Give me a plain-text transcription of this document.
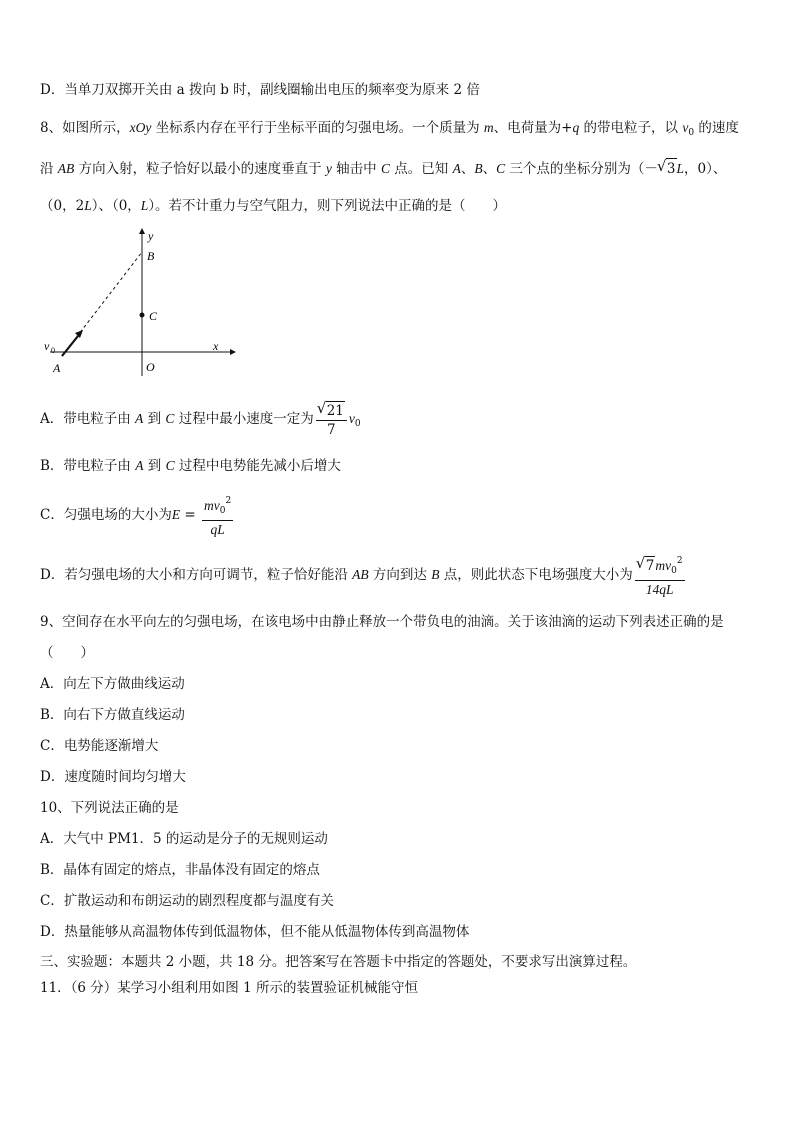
D．当单刀双掷开关由 a 拨向 b 时，副线圈输出电压的频率变为原来 2 倍
8、如图所示，xOy 坐标系内存在平行于坐标平面的匀强电场。一个质量为 m、电荷量为+q 的带电粒子，以 $v_0$ 的速度
沿 AB 方向入射，粒子恰好以最小的速度垂直于 y 轴击中 C 点。已知 A、B、C 三个点的坐标分别为（－ √ 3L，0）、
（0，2L）、（0，L）。若不计重力与空气阻力，则下列说法中正确的是（　　）
y
x
B
C
A	O
v 0
A．带电粒子由 A 到 C 过程中最小速度一定为 √ $\frac{21}{7} v_0$
B．带电粒子由 A 到 C 过程中电势能先减小后增大
C．匀强电场的大小为$E = \frac{mv_0^2}{qL}$
D．若匀强电场的大小和方向可调节，粒子恰好能沿 AB 方向到达 B 点，则此状态下电场强度大小为 √ $\frac{7mv_0^2}{14qL}$
9、空间存在水平向左的匀强电场，在该电场中由静止释放一个带负电的油滴。关于该油滴的运动下列表述正确的是
（　　）
A．向左下方做曲线运动
B．向右下方做直线运动
C．电势能逐渐增大
D．速度随时间均匀增大
10、下列说法正确的是
A．大气中 PM1．5 的运动是分子的无规则运动
B．晶体有固定的熔点，非晶体没有固定的熔点
C．扩散运动和布朗运动的剧烈程度都与温度有关
D．热量能够从高温物体传到低温物体，但不能从低温物体传到高温物体
三、实验题：本题共 2 小题，共 18 分。把答案写在答题卡中指定的答题处，不要求写出演算过程。
11．（6 分）某学习小组利用如图 1 所示的装置验证机械能守恒
